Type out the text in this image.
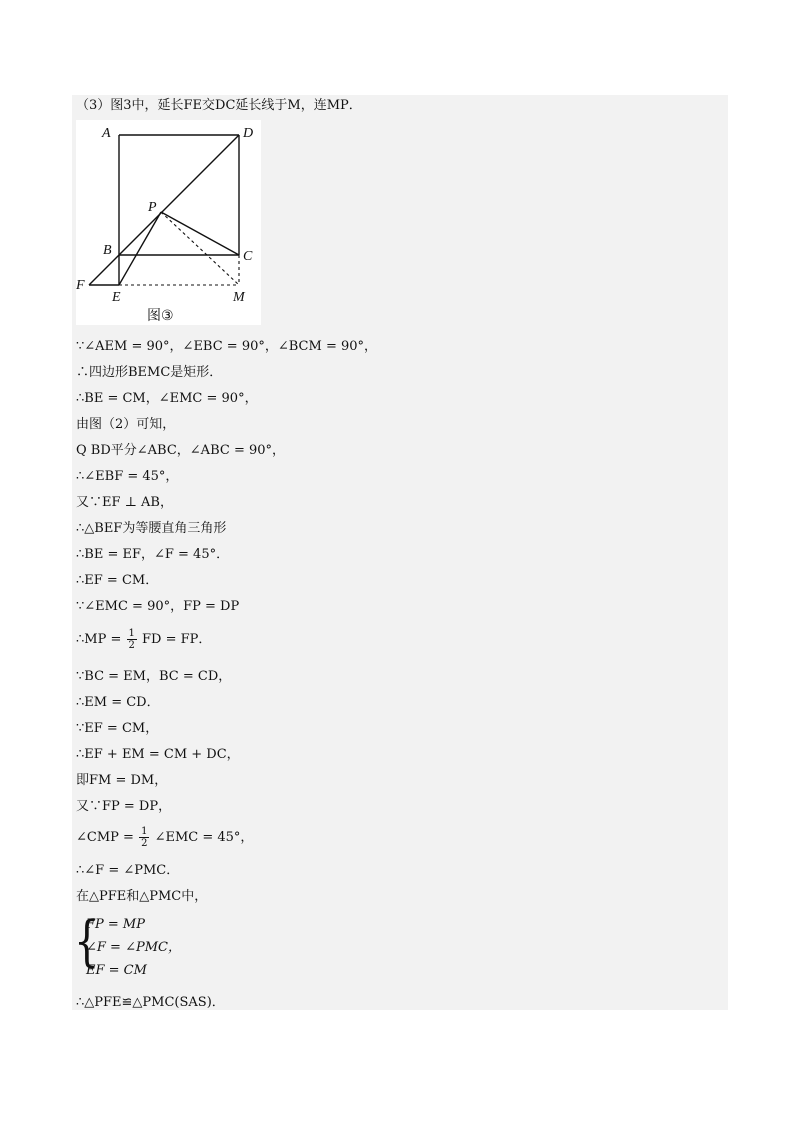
（3）图3中，延长FE交DC延长线于M，连MP．
A	D
P
B	C
F
E	M
图③
∵∠AEM = 90°，∠EBC = 90°，∠BCM = 90°，
∴四边形BEMC是矩形．
∴BE = CM，∠EMC = 90°，
由图（2）可知，
Q BD平分∠ABC，∠ABC = 90°，
∴∠EBF = 45°，
又∵EF ⊥ AB，
∴△BEF为等腰直角三角形
∴BE = EF，∠F = 45°．
∴EF = CM．
∵∠EMC = 90°，FP = DP
∴MP = $\frac{1}{2}$ FD = FP．
∵BC = EM，BC = CD，
∴EM = CD．
∵EF = CM，
∴EF + EM = CM + DC，
即FM = DM，
又∵FP = DP，
∠CMP = $\frac{1}{2}$ ∠EMC = 45°，
∴∠F = ∠PMC．
在△PFE和△PMC中，
{
FP = MP
∠F = ∠PMC，
EF = CM
∴△PFE≌△PMC(SAS)．
